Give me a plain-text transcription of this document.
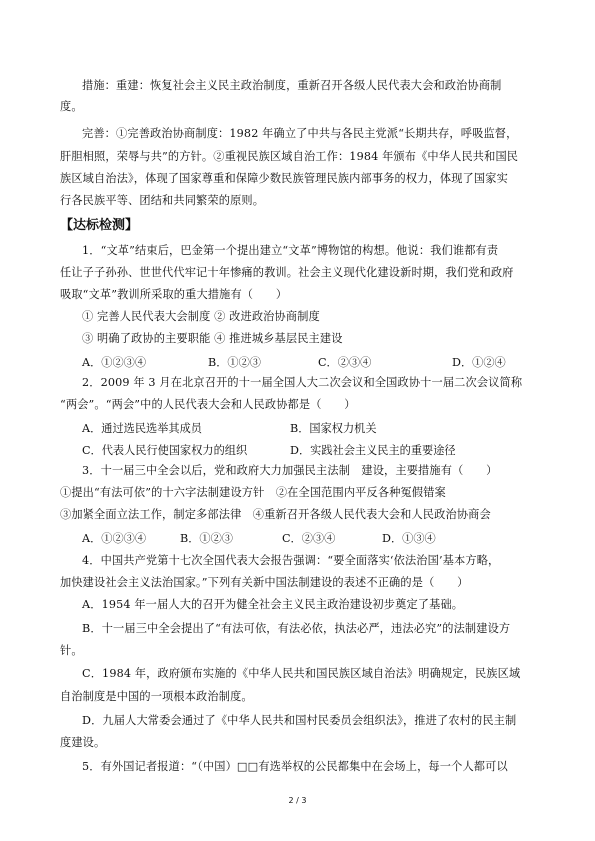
措施：重建：恢复社会主义民主政治制度，重新召开各级人民代表大会和政治协商制
度。
完善：①完善政治协商制度：1982 年确立了中共与各民主党派“长期共存，呼吸监督，
肝胆相照，荣辱与共”的方针。②重视民族区域自治工作：1984 年颁布《中华人民共和国民
族区域自治法》，体现了国家尊重和保障少数民族管理民族内部事务的权力，体现了国家实
行各民族平等、团结和共同繁荣的原则。
【达标检测】
1．“文革”结束后，巴金第一个提出建立“文革”博物馆的构想。他说：我们谁都有责
任让子子孙孙、世世代代牢记十年惨痛的教训。社会主义现代化建设新时期，我们党和政府
吸取“文革”教训所采取的重大措施有（　　）
① 完善人民代表大会制度 ② 改进政治协商制度
③ 明确了政协的主要职能 ④ 推进城乡基层民主建设
A．①②③④	B．①②③	C．②③④	D．①②④
2．2009 年 3 月在北京召开的十一届全国人大二次会议和全国政协十一届二次会议简称
“两会”。“两会”中的人民代表大会和人民政协都是（　　）
A．通过选民选举其成员	B．国家权力机关
C．代表人民行使国家权力的组织	D．实践社会主义民主的重要途径
3．十一届三中全会以后，党和政府大力加强民主法制　建设，主要措施有（　　）
①提出“有法可依”的十六字法制建设方针　②在全国范围内平反各种冤假错案
③加紧全面立法工作，制定多部法律　④重新召开各级人民代表大会和人民政治协商会
A．①②③④	B．①②③	C．②③④	D．①③④
4．中国共产党第十七次全国代表大会报告强调：“要全面落实‘依法治国’基本方略，
加快建设社会主义法治国家。”下列有关新中国法制建设的表述不正确的是（　　）
A．1954 年一届人大的召开为健全社会主义民主政治建设初步奠定了基础。
B．十一届三中全会提出了“有法可依，有法必依，执法必严，违法必究”的法制建设方
针。
C．1984 年，政府颁布实施的《中华人民共和国民族区域自治法》明确规定，民族区域
自治制度是中国的一项根本政治制度。
D．九届人大常委会通过了《中华人民共和国村民委员会组织法》，推进了农村的民主制
度建设。
5．有外国记者报道：“（中国）□□有选举权的公民都集中在会场上，每一个人都可以
2 / 3
